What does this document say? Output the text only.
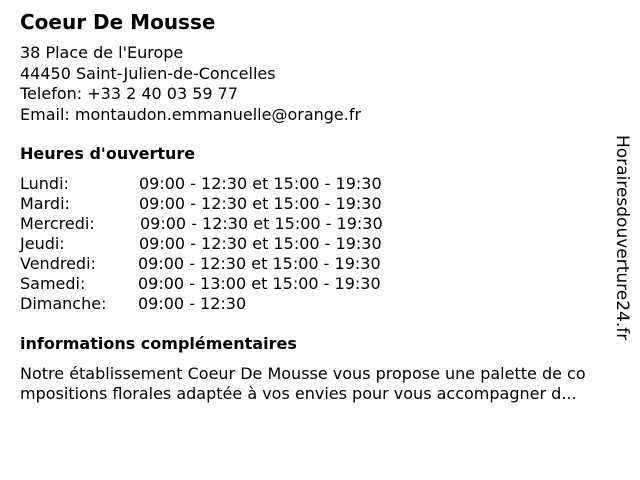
Coeur De Mousse
38 Place de l'Europe
44450 Saint-Julien-de-Concelles
Telefon: +33 2 40 03 59 77
Email: montaudon.emmanuelle@orange.fr
Heures d'ouverture
Lundi:	09:00 - 12:30 et 15:00 - 19:30
Mardi:	09:00 - 12:30 et 15:00 - 19:30
Mercredi:	09:00 - 12:30 et 15:00 - 19:30
Jeudi:	09:00 - 12:30 et 15:00 - 19:30
Vendredi:	09:00 - 12:30 et 15:00 - 19:30
Samedi:	09:00 - 13:00 et 15:00 - 19:30
Dimanche: 09:00 - 12:30
informations complémentaires
Notre établissement Coeur De Mousse vous propose une palette de co
mpositions florales adaptée à vos envies pour vous accompagner d...
Horairesdouverture24.fr
